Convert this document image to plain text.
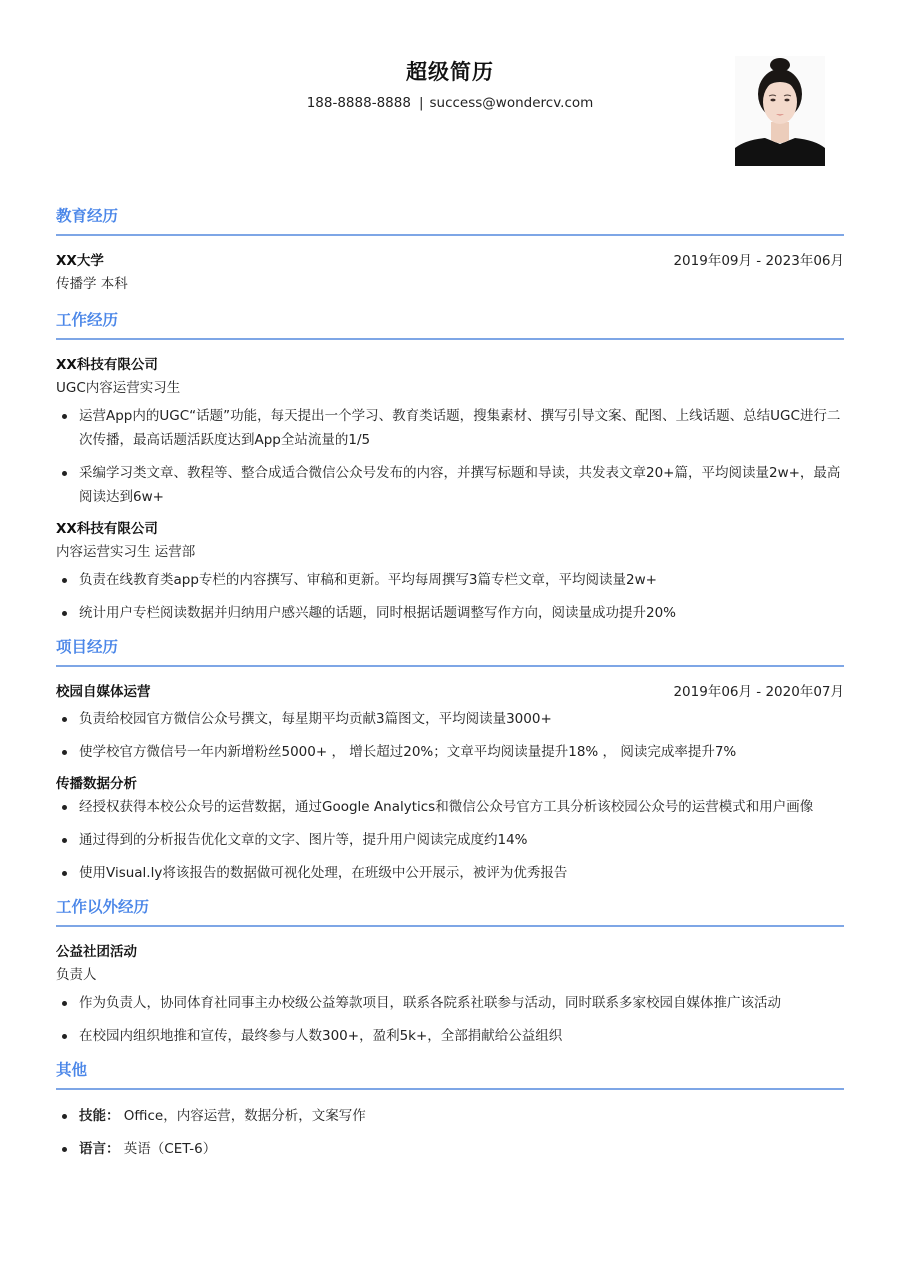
超级简历
188-8888-8888 | success@wondercv.com
教育经历
XX大学	2019年09月 - 2023年06月
传播学 本科
工作经历
XX科技有限公司
UGC内容运营实习生
运营App内的UGC“话题”功能，每天提出一个学习、教育类话题，搜集素材、撰写引导文案、配图、上线话题、总结UGC进行二次传播，最高话题活跃度达到App全站流量的1/5
采编学习类文章、教程等、整合成适合微信公众号发布的内容，并撰写标题和导读，共发表文章20+篇，平均阅读量2w+，最高阅读达到6w+
XX科技有限公司
内容运营实习生 运营部
负责在线教育类app专栏的内容撰写、审稿和更新。平均每周撰写3篇专栏文章，平均阅读量2w+
统计用户专栏阅读数据并归纳用户感兴趣的话题，同时根据话题调整写作方向，阅读量成功提升20%
项目经历
校园自媒体运营	2019年06月 - 2020年07月
负责给校园官方微信公众号撰文，每星期平均贡献3篇图文，平均阅读量3000+
使学校官方微信号一年内新增粉丝5000+ ， 增长超过20%；文章平均阅读量提升18% ， 阅读完成率提升7%
传播数据分析
经授权获得本校公众号的运营数据，通过Google Analytics和微信公众号官方工具分析该校园公众号的运营模式和用户画像
通过得到的分析报告优化文章的文字、图片等，提升用户阅读完成度约14%
使用Visual.ly将该报告的数据做可视化处理，在班级中公开展示，被评为优秀报告
工作以外经历
公益社团活动
负责人
作为负责人，协同体育社同事主办校级公益筹款项目，联系各院系社联参与活动，同时联系多家校园自媒体推广该活动
在校园内组织地推和宣传，最终参与人数300+，盈利5k+，全部捐献给公益组织
其他
技能： Office，内容运营，数据分析，文案写作
语言： 英语（CET-6）
